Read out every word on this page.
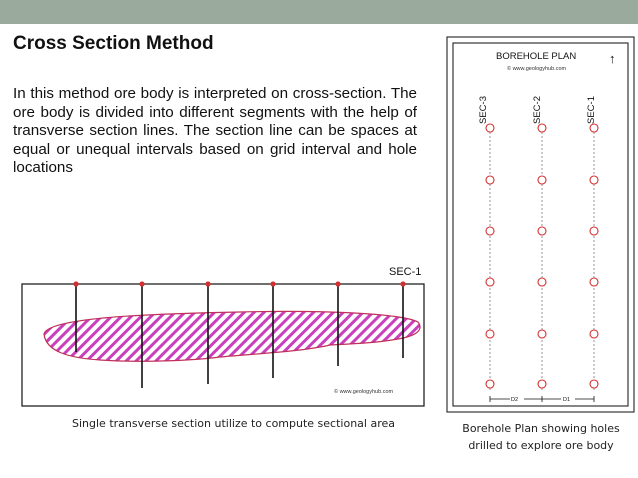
Cross Section Method
In this method ore body is interpreted on cross-section. The ore body is divided into different segments with the help of transverse section lines. The section line can be spaces at equal or unequal intervals based on grid interval and hole locations
SEC-1
© www.geologyhub.com
BOREHOLE PLAN
© www.geologyhub.com
↑
SEC-3	SEC-2	SEC-1
D2	D1
Single transverse section utilize to compute sectional area	Borehole Plan showing holes drilled to explore ore body
